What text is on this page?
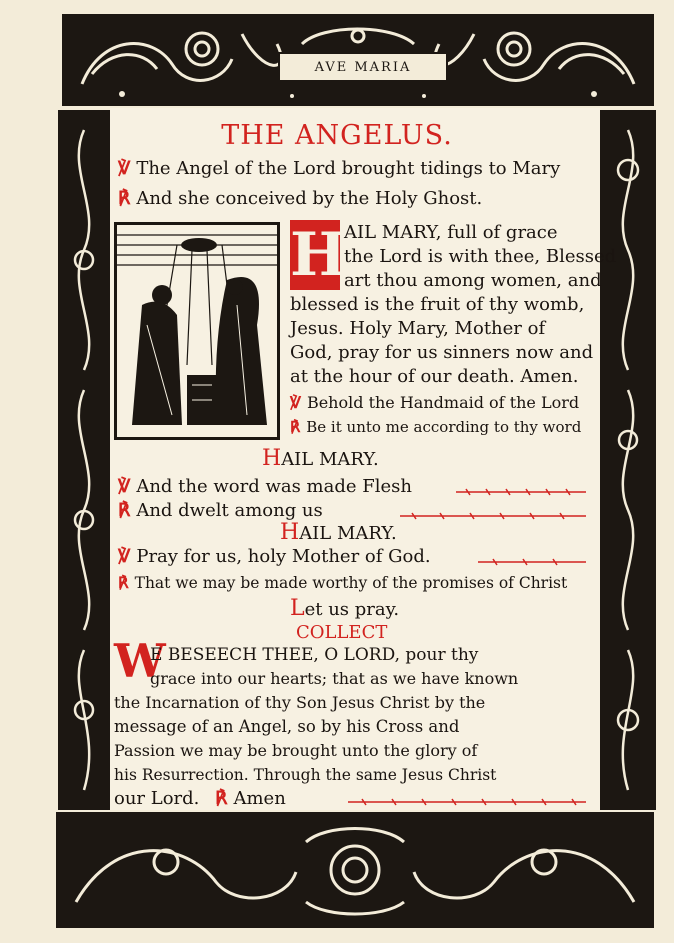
AVE MARIA
THE ANGELUS.
℣ The Angel of the Lord brought tidings to Mary
℟ And she conceived by the Holy Ghost.
H
AIL MARY, full of grace
the Lord is with thee, Blessed
art thou among women, and
blessed is the fruit of thy womb,
Jesus. Holy Mary, Mother of
God, pray for us sinners now and
at the hour of our death. Amen.
℣ Behold the Handmaid of the Lord
℟ Be it unto me according to thy word
HAIL MARY.
℣ And the word was made Flesh
℟ And dwelt among us
HAIL MARY.
℣ Pray for us, holy Mother of God.
℟ That we may be made worthy of the promises of Christ
Let us pray.
COLLECT
W
E BESEECH THEE, O LORD, pour thy
grace into our hearts; that as we have known
the Incarnation of thy Son Jesus Christ by the
message of an Angel, so by his Cross and
Passion we may be brought unto the glory of
his Resurrection. Through the same Jesus Christ
our Lord. ℟ Amen
